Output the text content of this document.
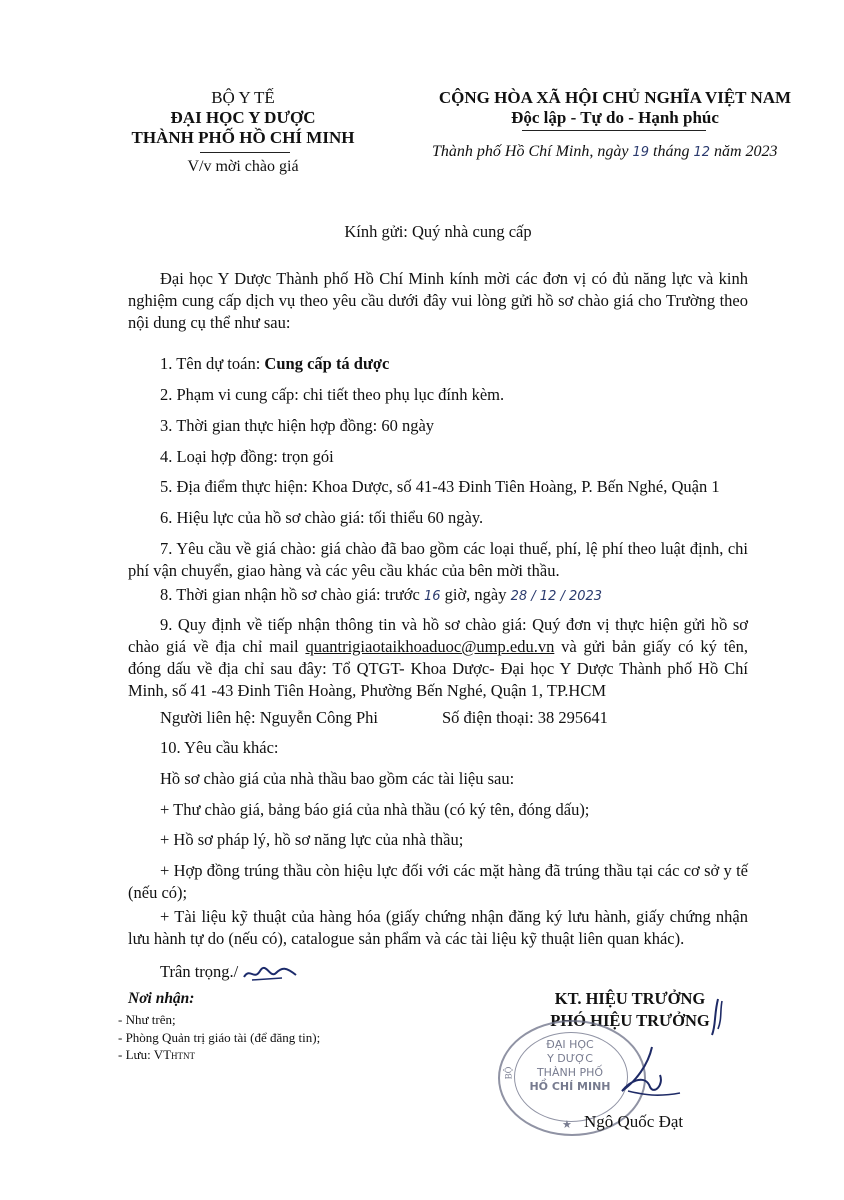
BỘ Y TẾ
ĐẠI HỌC Y DƯỢC
THÀNH PHỐ HỒ CHÍ MINH
V/v mời chào giá
CỘNG HÒA XÃ HỘI CHỦ NGHĨA VIỆT NAM
Độc lập - Tự do - Hạnh phúc
Thành phố Hồ Chí Minh, ngày 19 tháng 12 năm 2023
Kính gửi: Quý nhà cung cấp
Đại học Y Dược Thành phố Hồ Chí Minh kính mời các đơn vị có đủ năng lực và kinh nghiệm cung cấp dịch vụ theo yêu cầu dưới đây vui lòng gửi hồ sơ chào giá cho Trường theo nội dung cụ thể như sau:
1. Tên dự toán: Cung cấp tá dược
2. Phạm vi cung cấp: chi tiết theo phụ lục đính kèm.
3. Thời gian thực hiện hợp đồng: 60 ngày
4. Loại hợp đồng: trọn gói
5. Địa điểm thực hiện: Khoa Dược, số 41-43 Đinh Tiên Hoàng, P. Bến Nghé, Quận 1
6. Hiệu lực của hồ sơ chào giá: tối thiểu 60 ngày.
7. Yêu cầu về giá chào: giá chào đã bao gồm các loại thuế, phí, lệ phí theo luật định, chi phí vận chuyển, giao hàng và các yêu cầu khác của bên mời thầu.
8. Thời gian nhận hồ sơ chào giá: trước 16 giờ, ngày 28 / 12 / 2023
9. Quy định về tiếp nhận thông tin và hồ sơ chào giá: Quý đơn vị thực hiện gửi hồ sơ chào giá về địa chỉ mail quantrigiaotaikhoaduoc@ump.edu.vn và gửi bản giấy có ký tên, đóng dấu về địa chỉ sau đây: Tổ QTGT- Khoa Dược- Đại học Y Dược Thành phố Hồ Chí Minh, số 41 -43 Đinh Tiên Hoàng, Phường Bến Nghé, Quận 1, TP.HCM
Người liên hệ: Nguyễn Công Phi	Số điện thoại: 38 295641
10. Yêu cầu khác:
Hồ sơ chào giá của nhà thầu bao gồm các tài liệu sau:
+ Thư chào giá, bảng báo giá của nhà thầu (có ký tên, đóng dấu);
+ Hồ sơ pháp lý, hồ sơ năng lực của nhà thầu;
+ Hợp đồng trúng thầu còn hiệu lực đối với các mặt hàng đã trúng thầu tại các cơ sở y tế (nếu có);
+ Tài liệu kỹ thuật của hàng hóa (giấy chứng nhận đăng ký lưu hành, giấy chứng nhận lưu hành tự do (nếu có), catalogue sản phẩm và các tài liệu kỹ thuật liên quan khác).
Trân trọng./
Nơi nhận:
- Như trên;
- Phòng Quản trị giáo tài (để đăng tin);
- Lưu: VTHTNT
KT. HIỆU TRƯỞNG
PHÓ HIỆU TRƯỞNG
ĐẠI HỌC
Y DƯỢC
THÀNH PHỐ
HỒ CHÍ MINH
BỘ
★ Ngô Quốc Đạt
